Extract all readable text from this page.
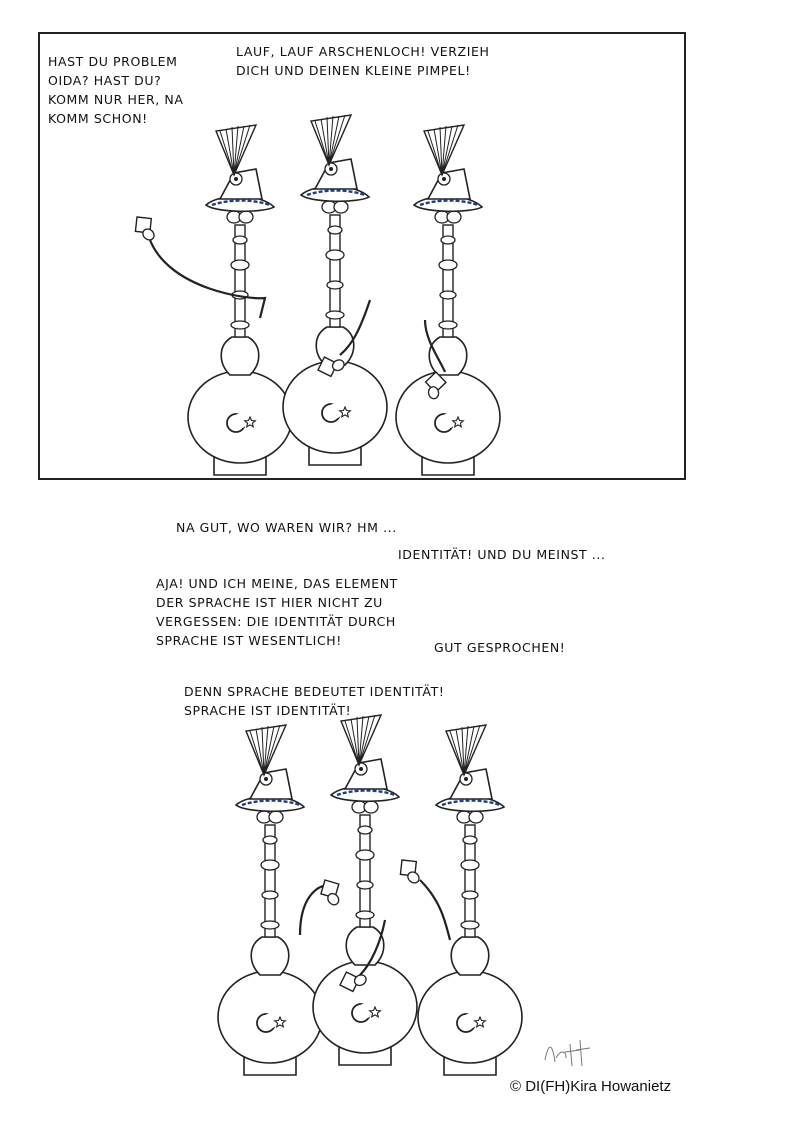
HAST DU PROBLEM
OIDA? HAST DU?
KOMM NUR HER, NA
KOMM SCHON!
LAUF, LAUF ARSCHENLOCH! VERZIEH
DICH UND DEINEN KLEINE PIMPEL!
NA GUT, WO WAREN WIR? HM ...
IDENTITÄT! UND DU MEINST ...
AJA! UND ICH MEINE, DAS ELEMENT
DER SPRACHE IST HIER NICHT ZU
VERGESSEN: DIE IDENTITÄT DURCH
SPRACHE IST WESENTLICH!	GUT GESPROCHEN!
DENN SPRACHE BEDEUTET IDENTITÄT!
SPRACHE IST IDENTITÄT!
© DI(FH)Kira Howanietz
